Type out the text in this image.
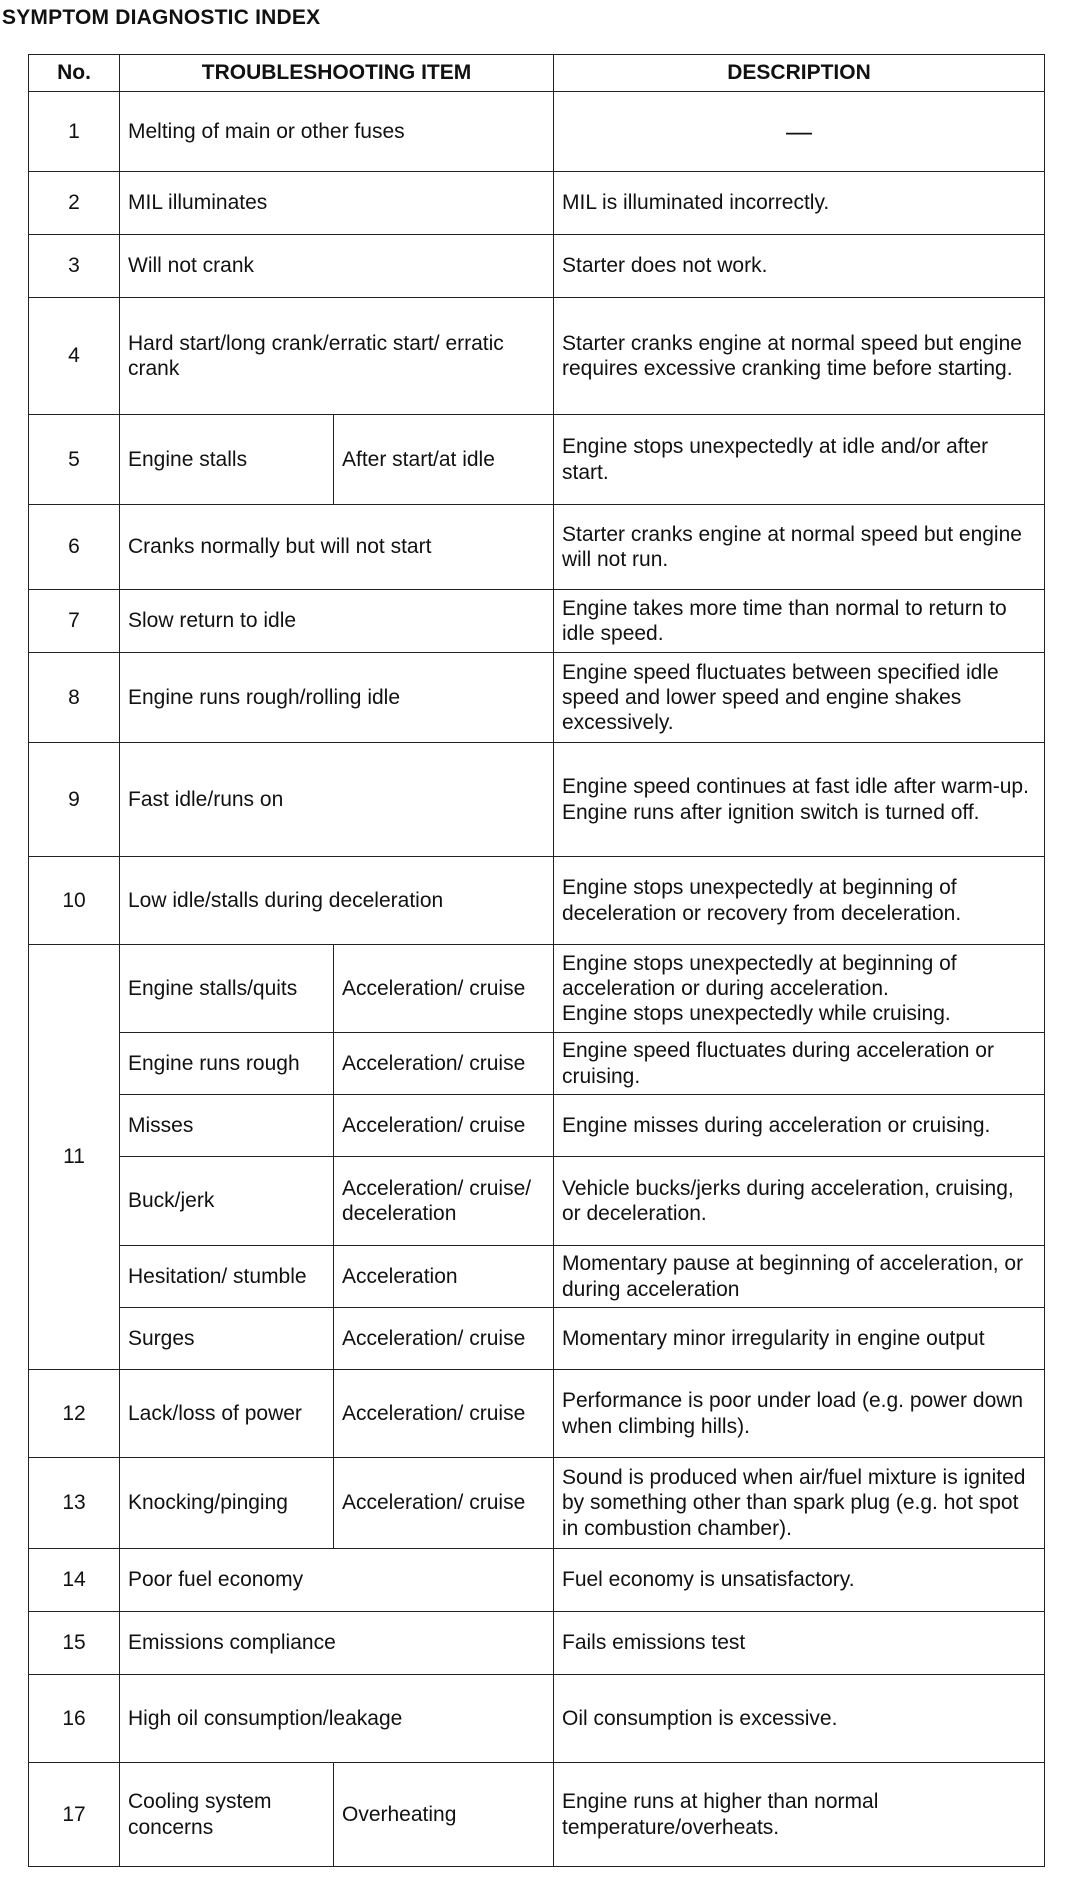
SYMPTOM DIAGNOSTIC INDEX
No.	TROUBLESHOOTING ITEM		DESCRIPTION
1	Melting of main or other fuses		—
2	MIL illuminates		MIL is illuminated incorrectly.
3	Will not crank		Starter does not work.
4	Hard start/long crank/erratic start/ erratic crank		Starter cranks engine at normal speed but engine requires excessive cranking time before starting.
5	Engine stalls	After start/at idle	Engine stops unexpectedly at idle and/or after start.
6	Cranks normally but will not start		Starter cranks engine at normal speed but engine will not run.
7	Slow return to idle		Engine takes more time than normal to return to idle speed.
8	Engine runs rough/rolling idle		Engine speed fluctuates between specified idle speed and lower speed and engine shakes excessively.
9	Fast idle/runs on		Engine speed continues at fast idle after warm-up.
Engine runs after ignition switch is turned off.

10	Low idle/stalls during deceleration		Engine stops unexpectedly at beginning of deceleration or recovery from deceleration.
11	Engine stalls/quits	Acceleration/ cruise	Engine stops unexpectedly at beginning of acceleration or during acceleration.
Engine stops unexpectedly while cruising.

	Engine runs rough	Acceleration/ cruise	Engine speed fluctuates during acceleration or cruising.
	Misses	Acceleration/ cruise	Engine misses during acceleration or cruising.
	Buck/jerk	Acceleration/ cruise/ deceleration	Vehicle bucks/jerks during acceleration, cruising, or deceleration.
	Hesitation/ stumble	Acceleration	Momentary pause at beginning of acceleration, or during acceleration
	Surges	Acceleration/ cruise	Momentary minor irregularity in engine output
12	Lack/loss of power	Acceleration/ cruise	Performance is poor under load (e.g. power down when climbing hills).
13	Knocking/pinging	Acceleration/ cruise	Sound is produced when air/fuel mixture is ignited by something other than spark plug (e.g. hot spot in combustion chamber).
14	Poor fuel economy		Fuel economy is unsatisfactory.
15	Emissions compliance		Fails emissions test
16	High oil consumption/leakage		Oil consumption is excessive.
17	Cooling system concerns	Overheating	Engine runs at higher than normal temperature/overheats.
